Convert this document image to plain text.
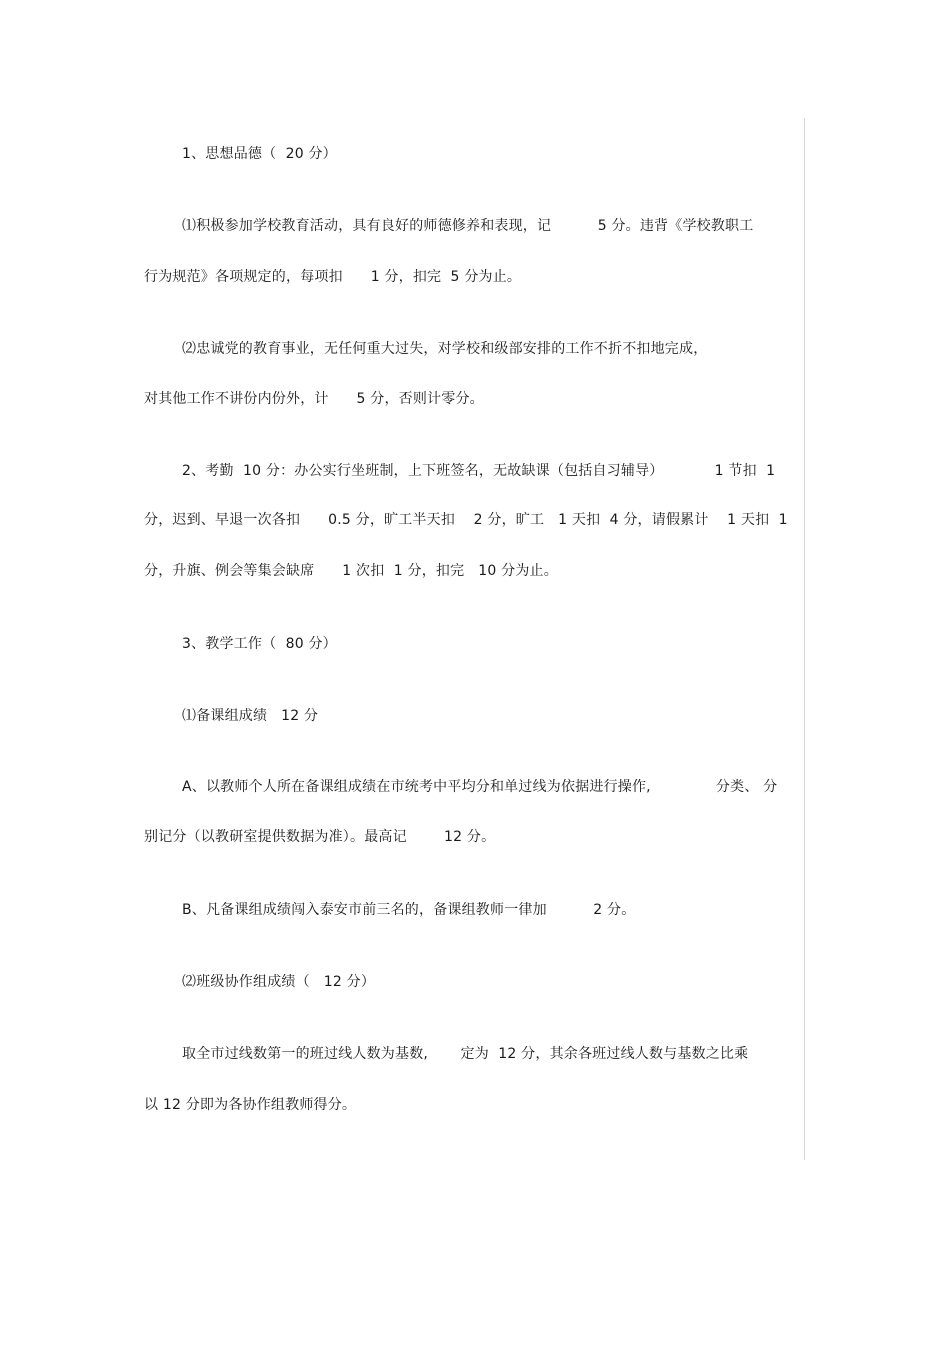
1、思想品德（  20 分）
⑴积极参加学校教育活动，具有良好的师德修养和表现，记          5 分。违背《学校教职工
行为规范》各项规定的，每项扣      1 分，扣完  5 分为止。
⑵忠诚党的教育事业，无任何重大过失，对学校和级部安排的工作不折不扣地完成，
对其他工作不讲份内份外，计      5 分，否则计零分。
2、考勤  10 分：办公实行坐班制，上下班签名，无故缺课（包括自习辅导）           1 节扣  1
分，迟到、早退一次各扣      0.5 分，旷工半天扣    2 分，旷工   1 天扣  4 分，请假累计    1 天扣  1
分，升旗、例会等集会缺席      1 次扣  1 分，扣完   10 分为止。
3、教学工作（  80 分）
⑴备课组成绩   12 分
A、以教师个人所在备课组成绩在市统考中平均分和单过线为依据进行操作,              分类、 分
别记分（以教研室提供数据为准）。最高记        12 分。
B、凡备课组成绩闯入泰安市前三名的，备课组教师一律加          2 分。
⑵班级协作组成绩（   12 分）
取全市过线数第一的班过线人数为基数,       定为  12 分，其余各班过线人数与基数之比乘
以 12 分即为各协作组教师得分。
